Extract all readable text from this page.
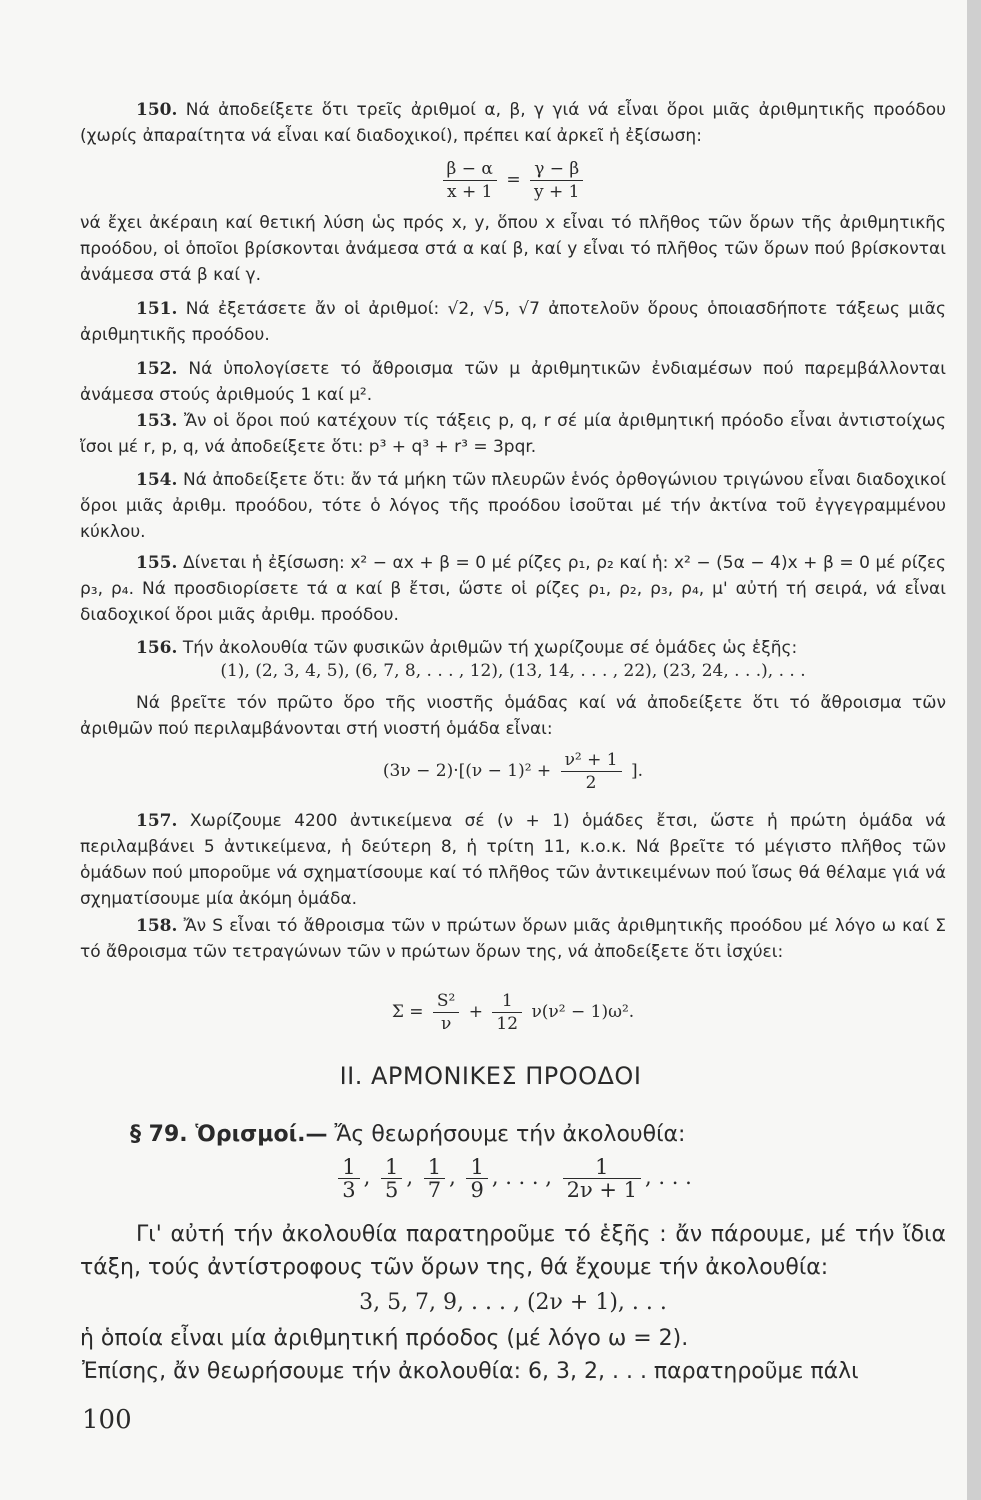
150. Νά ἀποδείξετε ὅτι τρεῖς ἀριθμοί α, β, γ γιά νά εἶναι ὅροι μιᾶς ἀριθμητικῆς προόδου (χωρίς ἀπαραίτητα νά εἶναι καί διαδοχικοί), πρέπει καί ἀρκεῖ ἡ ἐξίσωση:

$\frac{\beta - \alpha}{x + 1} = \frac{\gamma - \beta}{y + 1}$

νά ἔχει ἀκέραιη καί θετική λύση ὡς πρός x, y, ὅπου x εἶναι τό πλῆθος τῶν ὅρων τῆς ἀριθμητικῆς προόδου, οἱ ὁποῖοι βρίσκονται ἀνάμεσα στά α καί β, καί y εἶναι τό πλῆθος τῶν ὅρων πού βρίσκονται ἀνάμεσα στά β καί γ.

151. Νά ἐξετάσετε ἄν οἱ ἀριθμοί: √2, √5, √7 ἀποτελοῦν ὅρους ὁποιασδήποτε τάξεως μιᾶς ἀριθμητικῆς προόδου.

152. Νά ὑπολογίσετε τό ἄθροισμα τῶν μ ἀριθμητικῶν ἐνδιαμέσων πού παρεμβάλλονται ἀνάμεσα στούς ἀριθμούς 1 καί μ².

153. Ἄν οἱ ὅροι πού κατέχουν τίς τάξεις p, q, r σέ μία ἀριθμητική πρόοδο εἶναι ἀντιστοίχως ἴσοι μέ r, p, q, νά ἀποδείξετε ὅτι: p³ + q³ + r³ = 3pqr.

154. Νά ἀποδείξετε ὅτι: ἄν τά μήκη τῶν πλευρῶν ἑνός ὀρθογώνιου τριγώνου εἶναι διαδοχικοί ὅροι μιᾶς ἀριθμ. προόδου, τότε ὁ λόγος τῆς προόδου ἰσοῦται μέ τήν ἀκτίνα τοῦ ἐγγεγραμμένου κύκλου.

155. Δίνεται ἡ ἐξίσωση: x² − αx + β = 0 μέ ρίζες ρ₁, ρ₂ καί ἡ: x² − (5α − 4)x + β = 0 μέ ρίζες ρ₃, ρ₄. Νά προσδιορίσετε τά α καί β ἔτσι, ὥστε οἱ ρίζες ρ₁, ρ₂, ρ₃, ρ₄, μ' αὐτή τή σειρά, νά εἶναι διαδοχικοί ὅροι μιᾶς ἀριθμ. προόδου.

156. Τήν ἀκολουθία τῶν φυσικῶν ἀριθμῶν τή χωρίζουμε σέ ὁμάδες ὡς ἑξῆς:

(1), (2, 3, 4, 5), (6, 7, 8, . . . , 12), (13, 14, . . . , 22), (23, 24, . . .), . . .

Νά βρεῖτε τόν πρῶτο ὅρο τῆς νιοστῆς ὁμάδας καί νά ἀποδείξετε ὅτι τό ἄθροισμα τῶν ἀριθμῶν πού περιλαμβάνονται στή νιοστή ὁμάδα εἶναι:

$(3\nu - 2)\cdot[(\nu - 1)^2 + \frac{\text{ν² + 1}}{2}$ ].

157. Χωρίζουμε 4200 ἀντικείμενα σέ (ν + 1) ὁμάδες ἔτσι, ὥστε ἡ πρώτη ὁμάδα νά περιλαμβάνει 5 ἀντικείμενα, ἡ δεύτερη 8, ἡ τρίτη 11, κ.ο.κ. Νά βρεῖτε τό μέγιστο πλῆθος τῶν ὁμάδων πού μποροῦμε νά σχηματίσουμε καί τό πλῆθος τῶν ἀντικειμένων πού ἴσως θά θέλαμε γιά νά σχηματίσουμε μία ἀκόμη ὁμάδα.

158. Ἄν S εἶναι τό ἄθροισμα τῶν ν πρώτων ὅρων μιᾶς ἀριθμητικῆς προόδου μέ λόγο ω καί Σ τό ἄθροισμα τῶν τετραγώνων τῶν ν πρώτων ὅρων της, νά ἀποδείξετε ὅτι ἰσχύει:

$\Sigma = \frac{\text{S²}}{\nu} + \frac{1}{12} \nu(\nu^2 - 1)\omega^2$.
ΙΙ. ΑΡΜΟΝΙΚΕΣ ΠΡΟΟΔΟΙ

§ 79. Ὁρισμοί.— Ἄς θεωρήσουμε τήν ἀκολουθία:

$\frac{1}{3}$ , $\frac{1}{5}$ , $\frac{1}{7}$ , $\frac{1}{9}$ , . . . , $\frac{1}{2\nu + 1}$ , . . .

Γι' αὐτή τήν ἀκολουθία παρατηροῦμε τό ἑξῆς : ἄν πάρουμε, μέ τήν ἴδια τάξη, τούς ἀντίστροφους τῶν ὅρων της, θά ἔχουμε τήν ἀκολουθία:

3, 5, 7, 9, . . . , (2ν + 1), . . .

ἡ ὁποία εἶναι μία ἀριθμητική πρόοδος (μέ λόγο ω = 2).

Ἐπίσης, ἄν θεωρήσουμε τήν ἀκολουθία: 6, 3, 2, . . . παρατηροῦμε πάλι

100
